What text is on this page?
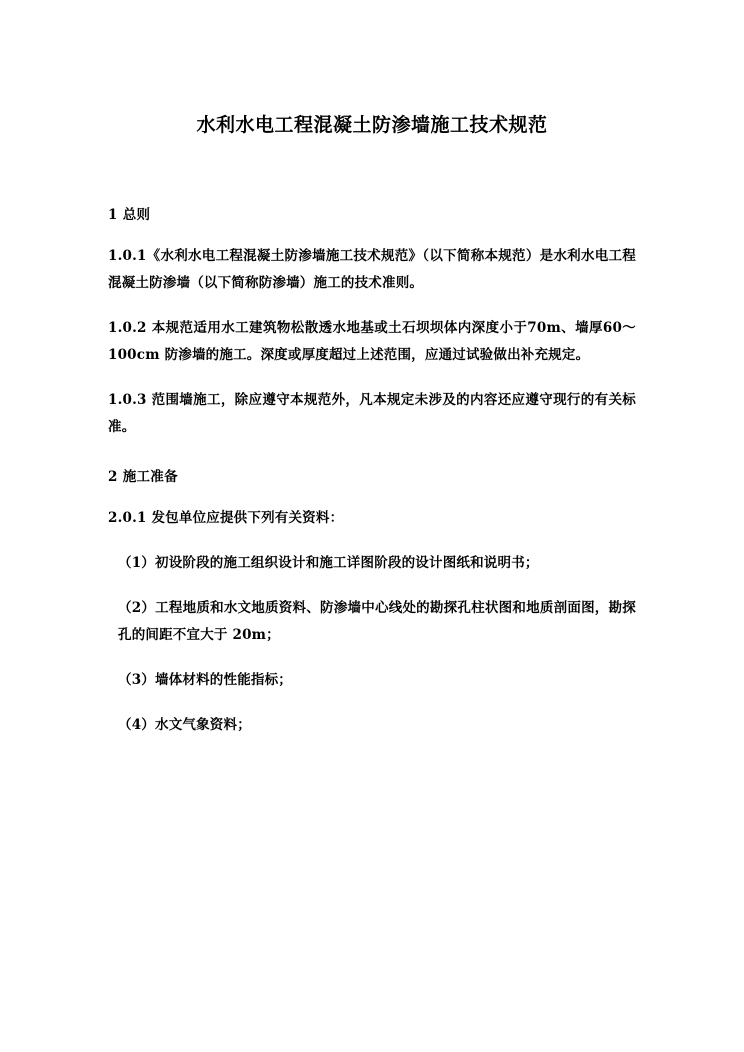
水利水电工程混凝土防渗墙施工技术规范
1 总则

1.0.1《水利水电工程混凝土防渗墙施工技术规范》（以下简称本规范）是水利水电工程混凝土防渗墙（以下简称防渗墙）施工的技术准则。

1.0.2 本规范适用水工建筑物松散透水地基或土石坝坝体内深度小于70m、墙厚60～100cm 防渗墙的施工。深度或厚度超过上述范围，应通过试验做出补充规定。

1.0.3 范围墙施工，除应遵守本规范外，凡本规定未涉及的内容还应遵守现行的有关标准。

2 施工准备

2.0.1 发包单位应提供下列有关资料：

（1）初设阶段的施工组织设计和施工详图阶段的设计图纸和说明书；

（2）工程地质和水文地质资料、防渗墙中心线处的勘探孔柱状图和地质剖面图，勘探孔的间距不宜大于 20m；

（3）墙体材料的性能指标；

（4）水文气象资料；
